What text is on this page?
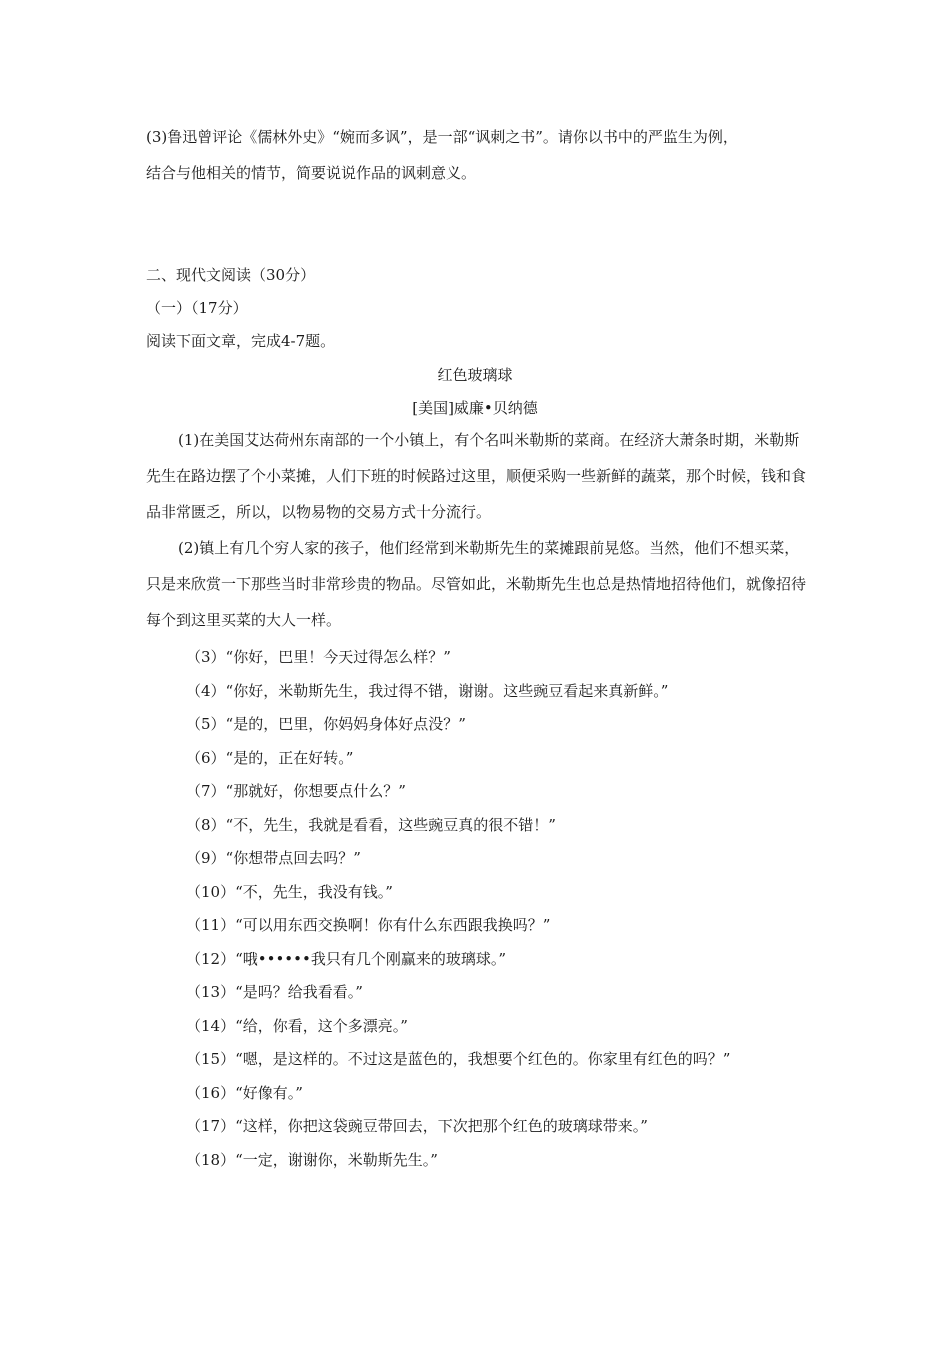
(3)鲁迅曾评论《儒林外史》“婉而多讽”，是一部“讽刺之书”。请你以书中的严监生为例，
结合与他相关的情节，简要说说作品的讽刺意义。
二、现代文阅读（30分）
（一）（17分）
阅读下面文章，完成4-7题。
红色玻璃球
[美国]威廉•贝纳德
(1)在美国艾达荷州东南部的一个小镇上，有个名叫米勒斯的菜商。在经济大萧条时期，米勒斯先生在路边摆了个小菜摊，人们下班的时候路过这里，顺便采购一些新鲜的蔬菜，那个时候，钱和食品非常匮乏，所以，以物易物的交易方式十分流行。
(2)镇上有几个穷人家的孩子，他们经常到米勒斯先生的菜摊跟前晃悠。当然，他们不想买菜，只是来欣赏一下那些当时非常珍贵的物品。尽管如此，米勒斯先生也总是热情地招待他们，就像招待每个到这里买菜的大人一样。
（3）“你好，巴里！今天过得怎么样？”
（4）“你好，米勒斯先生，我过得不错，谢谢。这些豌豆看起来真新鲜。”
（5）“是的，巴里，你妈妈身体好点没？”
（6）“是的，正在好转。”
（7）“那就好，你想要点什么？”
（8）“不，先生，我就是看看，这些豌豆真的很不错！”
（9）“你想带点回去吗？”
（10）“不，先生，我没有钱。”
（11）“可以用东西交换啊！你有什么东西跟我换吗？”
（12）“哦••••••我只有几个刚赢来的玻璃球。”
（13）“是吗？给我看看。”
（14）“给，你看，这个多漂亮。”
（15）“嗯，是这样的。不过这是蓝色的，我想要个红色的。你家里有红色的吗？”
（16）“好像有。”
（17）“这样，你把这袋豌豆带回去，下次把那个红色的玻璃球带来。”
（18）“一定，谢谢你，米勒斯先生。”
